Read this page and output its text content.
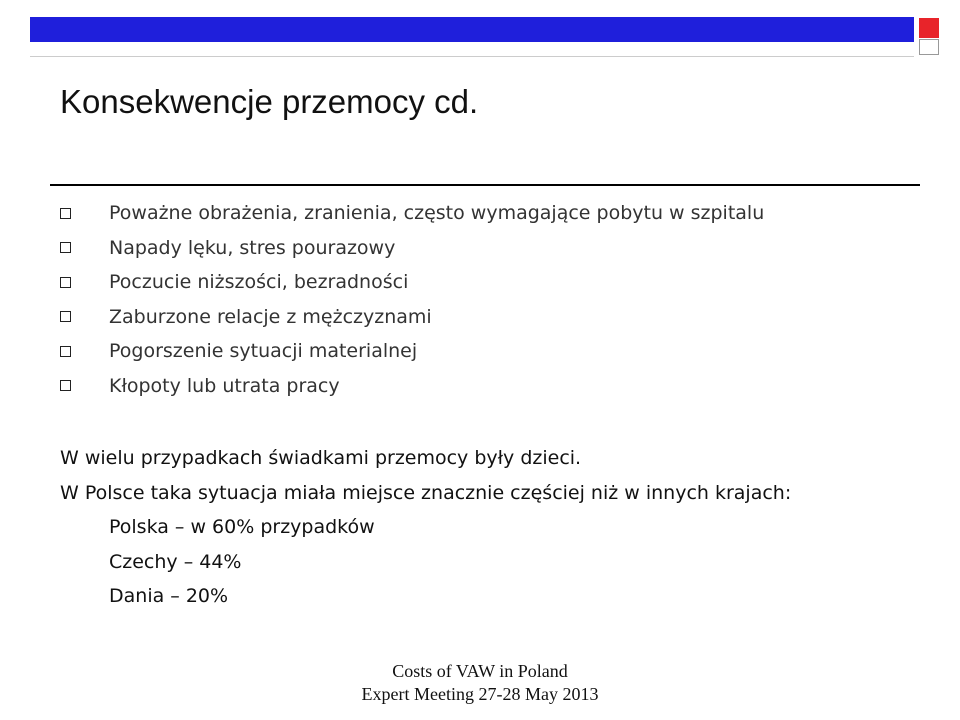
Konsekwencje przemocy cd.
Poważne obrażenia, zranienia, często wymagające pobytu w szpitalu
Napady lęku, stres pourazowy
Poczucie niższości, bezradności
Zaburzone relacje z mężczyznami
Pogorszenie sytuacji materialnej
Kłopoty lub utrata pracy
W wielu przypadkach świadkami przemocy były dzieci.
W Polsce taka sytuacja miała miejsce znacznie częściej niż w innych krajach:
Polska – w 60% przypadków
Czechy – 44%
Dania – 20%
Costs of VAW in Poland
Expert Meeting 27-28 May 2013
